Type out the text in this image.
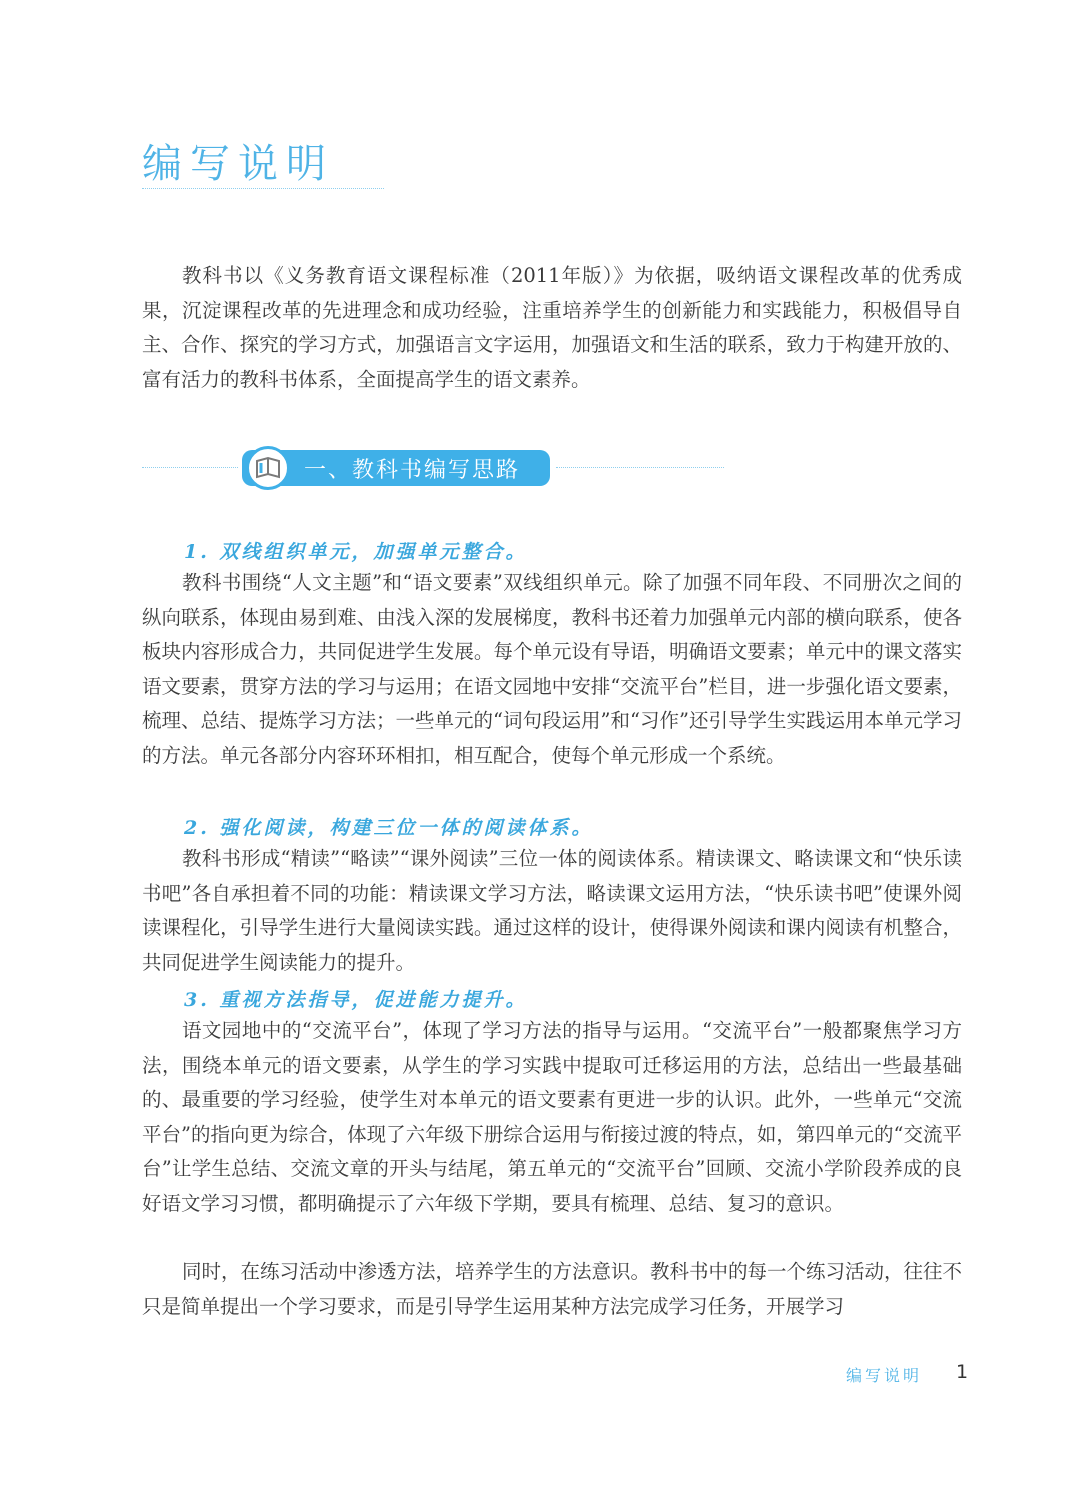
编写说明

教科书以《义务教育语文课程标准（2011年版）》为依据，吸纳语文课程改革的优秀成果，沉淀课程改革的先进理念和成功经验，注重培养学生的创新能力和实践能力，积极倡导自主、合作、探究的学习方式，加强语言文字运用，加强语文和生活的联系，致力于构建开放的、富有活力的教科书体系，全面提高学生的语文素养。

一、教科书编写思路
1. 双线组织单元，加强单元整合。

教科书围绕“人文主题”和“语文要素”双线组织单元。除了加强不同年段、不同册次之间的纵向联系，体现由易到难、由浅入深的发展梯度，教科书还着力加强单元内部的横向联系，使各板块内容形成合力，共同促进学生发展。每个单元设有导语，明确语文要素；单元中的课文落实语文要素，贯穿方法的学习与运用；在语文园地中安排“交流平台”栏目，进一步强化语文要素，梳理、总结、提炼学习方法；一些单元的“词句段运用”和“习作”还引导学生实践运用本单元学习的方法。单元各部分内容环环相扣，相互配合，使每个单元形成一个系统。

2. 强化阅读，构建三位一体的阅读体系。

教科书形成“精读”“略读”“课外阅读”三位一体的阅读体系。精读课文、略读课文和“快乐读书吧”各自承担着不同的功能：精读课文学习方法，略读课文运用方法，“快乐读书吧”使课外阅读课程化，引导学生进行大量阅读实践。通过这样的设计，使得课外阅读和课内阅读有机整合，共同促进学生阅读能力的提升。

3. 重视方法指导，促进能力提升。

语文园地中的“交流平台”，体现了学习方法的指导与运用。“交流平台”一般都聚焦学习方法，围绕本单元的语文要素，从学生的学习实践中提取可迁移运用的方法，总结出一些最基础的、最重要的学习经验，使学生对本单元的语文要素有更进一步的认识。此外，一些单元“交流平台”的指向更为综合，体现了六年级下册综合运用与衔接过渡的特点，如，第四单元的“交流平台”让学生总结、交流文章的开头与结尾，第五单元的“交流平台”回顾、交流小学阶段养成的良好语文学习习惯，都明确提示了六年级下学期，要具有梳理、总结、复习的意识。

同时，在练习活动中渗透方法，培养学生的方法意识。教科书中的每一个练习活动，往往不只是简单提出一个学习要求，而是引导学生运用某种方法完成学习任务，开展学习

编写说明 1
